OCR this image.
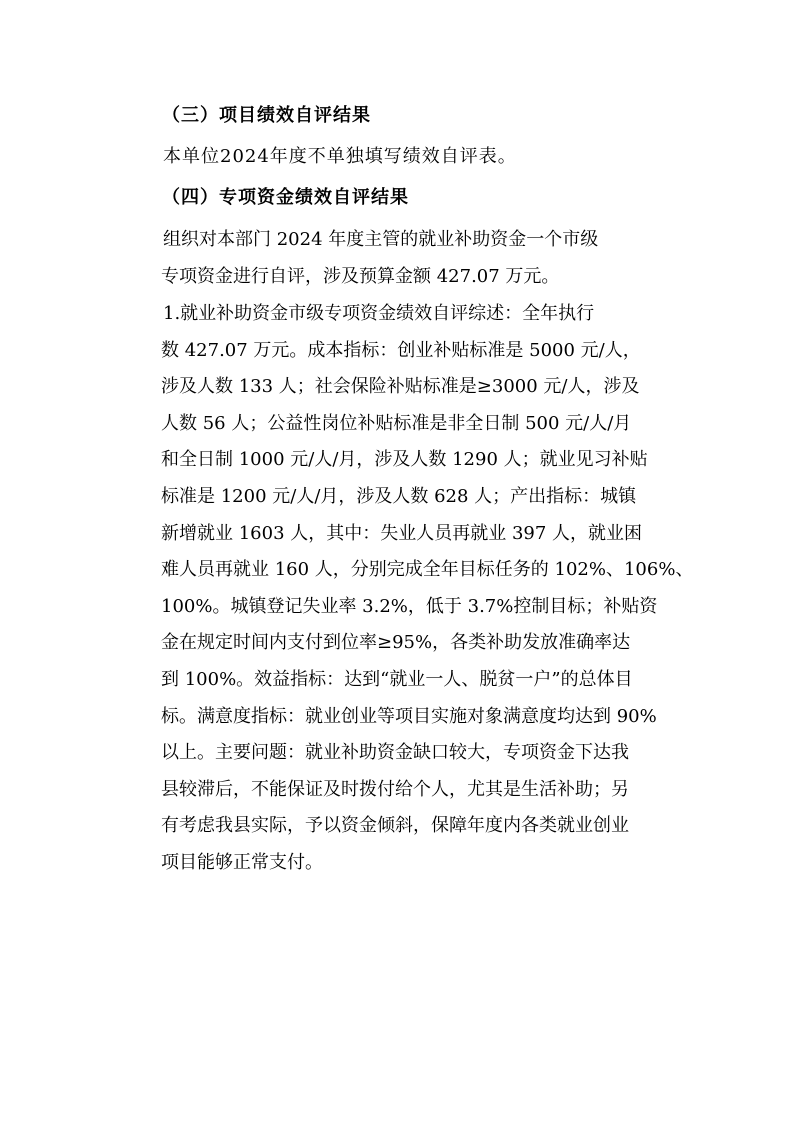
（三）项目绩效自评结果
本单位2024年度不单独填写绩效自评表。
（四）专项资金绩效自评结果
组织对本部门 2024 年度主管的就业补助资金一个市级
专项资金进行自评，涉及预算金额 427.07 万元。
1.就业补助资金市级专项资金绩效自评综述：全年执行
数 427.07 万元。成本指标：创业补贴标准是 5000 元/人，
涉及人数 133 人；社会保险补贴标准是≥3000 元/人，涉及
人数 56 人；公益性岗位补贴标准是非全日制 500 元/人/月
和全日制 1000 元/人/月，涉及人数 1290 人；就业见习补贴
标准是 1200 元/人/月，涉及人数 628 人；产出指标：城镇
新增就业 1603 人，其中：失业人员再就业 397 人，就业困
难人员再就业 160 人，分别完成全年目标任务的 102%、106%、
100%。城镇登记失业率 3.2%，低于 3.7%控制目标；补贴资
金在规定时间内支付到位率≥95%，各类补助发放准确率达
到 100%。效益指标：达到“就业一人、脱贫一户”的总体目
标。满意度指标：就业创业等项目实施对象满意度均达到 90%
以上。主要问题：就业补助资金缺口较大，专项资金下达我
县较滞后，不能保证及时拨付给个人，尤其是生活补助；另
有考虑我县实际，予以资金倾斜，保障年度内各类就业创业
项目能够正常支付。
